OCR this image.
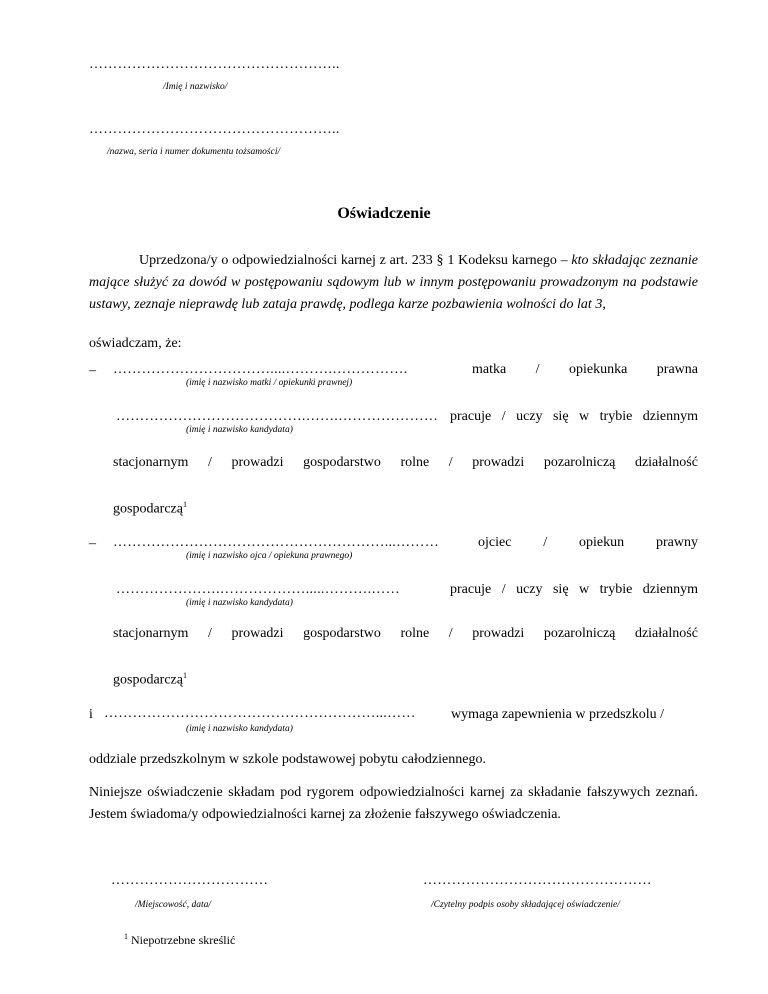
……………………………………………..
/Imię i nazwisko/
……………………………………………..
/nazwa, seria i numer dokumentu tożsamości/
Oświadczenie
Uprzedzona/y o odpowiedzialności karnej z art. 233 § 1 Kodeksu karnego – kto składając zeznanie mające służyć za dowód w postępowaniu sądowym lub w innym postępowaniu prowadzonym na podstawie ustawy, zeznaje nieprawdę lub zataja prawdę, podlega karze pozbawienia wolności do lat 3,
oświadczam, że:
– ……………………………....……….…………….	matka / opiekunka prawna
(imię i nazwisko matki / opiekunki prawnej)
………………………………….…….………………… pracuje / uczy się w trybie dziennym
(imię i nazwisko kandydata)
stacjonarnym / prowadzi gospodarstwo rolne / prowadzi pozarolniczą działalność
gospodarczą$^1$
– …………………………………………………...………	ojciec / opiekun prawny
(imię i nazwisko ojca / opiekuna prawnego)
………………….……………….....……….……	pracuje / uczy się w trybie dziennym
(imię i nazwisko kandydata)
stacjonarnym / prowadzi gospodarstwo rolne / prowadzi pozarolniczą działalność
gospodarczą$^1$
i …………………………………………………...……	wymaga zapewnienia w przedszkolu /
(imię i nazwisko kandydata)
oddziale przedszkolnym w szkole podstawowej pobytu całodziennego.
Niniejsze oświadczenie składam pod rygorem odpowiedzialności karnej za składanie fałszywych zeznań. Jestem świadoma/y odpowiedzialności karnej za złożenie fałszywego oświadczenia.
……………………………
/Miejscowość, data/
…………………………………………
/Czytelny podpis osoby składającej oświadczenie/
$^1$ Niepotrzebne skreślić
